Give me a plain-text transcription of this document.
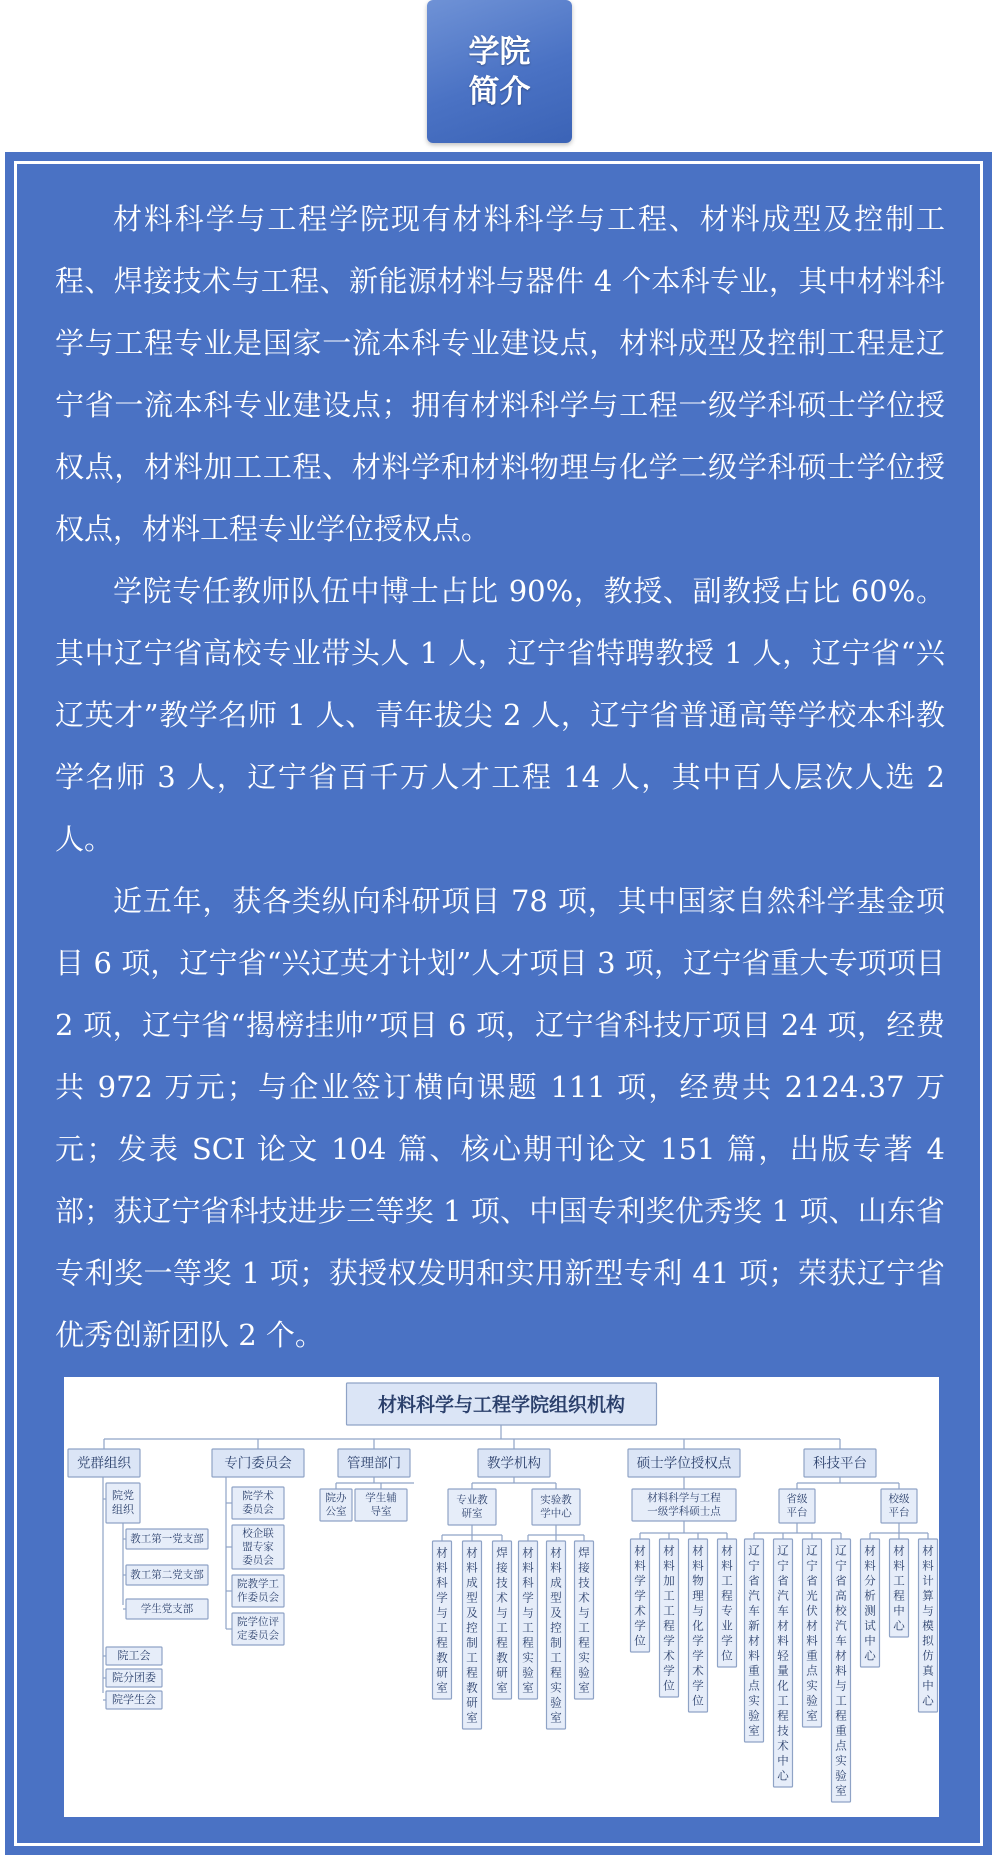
学院
简介

材料科学与工程学院现有材料科学与工程、材料成型及控制工程、焊接技术与工程、新能源材料与器件 4 个本科专业，其中材料科学与工程专业是国家一流本科专业建设点，材料成型及控制工程是辽宁省一流本科专业建设点；拥有材料科学与工程一级学科硕士学位授权点，材料加工工程、材料学和材料物理与化学二级学科硕士学位授权点，材料工程专业学位授权点。

学院专任教师队伍中博士占比 90%，教授、副教授占比 60%。其中辽宁省高校专业带头人 1 人，辽宁省特聘教授 1 人，辽宁省“兴辽英才”教学名师 1 人、青年拔尖 2 人，辽宁省普通高等学校本科教学名师 3 人，辽宁省百千万人才工程 14 人，其中百人层次人选 2 人。

近五年，获各类纵向科研项目 78 项，其中国家自然科学基金项目 6 项，辽宁省“兴辽英才计划”人才项目 3 项，辽宁省重大专项项目 2 项，辽宁省“揭榜挂帅”项目 6 项，辽宁省科技厅项目 24 项，经费共 972 万元；与企业签订横向课题 111 项，经费共 2124.37 万元；发表 SCI 论文 104 篇、核心期刊论文 151 篇，出版专著 4 部；获辽宁省科技进步三等奖 1 项、中国专利奖优秀奖 1 项、山东省专利奖一等奖 1 项；获授权发明和实用新型专利 41 项；荣获辽宁省优秀创新团队 2 个。

材料科学与工程学院组织机构
党群组织	专门委员会	管理部门	教学机构	硕士学位授权点	科技平台
院党
组织
教工第一党支部
教工第二党支部
学生党支部
院工会
院分团委
院学生会
院学术
委员会
校企联
盟专家
委员会
院教学工
作委员会
院学位评
定委员会
院办
公室
学生辅
导室
专业教
研室
实验教
学中心
材料科学与工程教研室
材料成型及控制工程教研室
焊接技术与工程教研室
材料科学与工程实验室
材料成型及控制工程实验室
焊接技术与工程实验室
材料科学与工程
一级学科硕士点
材料学学术学位
材料加工工程学术学位
材料物理与化学学术学位
材料工程专业学位
省级
平台
校级
平台
辽宁省汽车新材料重点实验室
辽宁省汽车材料轻量化工程技术中心
辽宁省光伏材料重点实验室
辽宁省高校汽车材料与工程重点实验室
材料分析测试中心
材料工程中心
材料计算与模拟仿真中心
